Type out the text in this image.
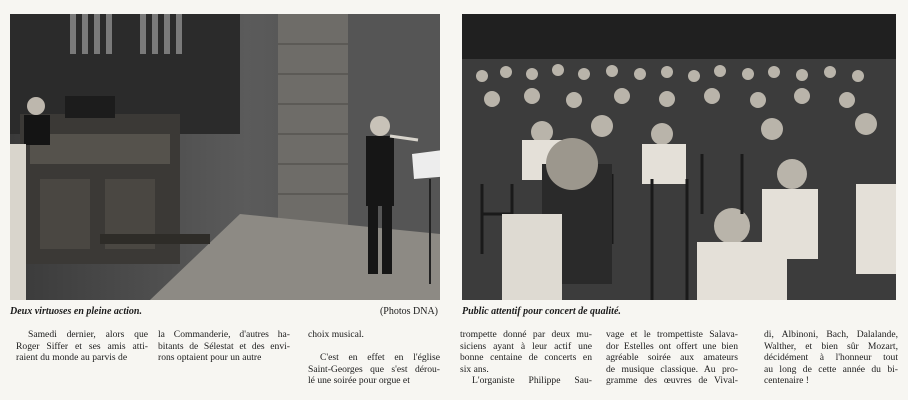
Deux virtuoses en pleine action.	(Photos DNA) Public attentif pour concert de qualité.
Samedi dernier, alors que
Roger Siffer et ses amis atti-
raient du monde au parvis de
la Commanderie, d'autres ha-
bitants de Sélestat et des envi-
rons optaient pour un autre
choix musical.
C'est en effet en l'église
Saint-Georges que s'est dérou-
lé une soirée pour orgue et
trompette donné par deux mu-
siciens ayant à leur actif une
bonne centaine de concerts en
six ans.
L'organiste Philippe Sau-
vage et le trompettiste Salava-
dor Estelles ont offert une bien
agréable soirée aux amateurs
de musique classique. Au pro-
gramme des œuvres de Vival-
di, Albinoni, Bach, Dalalande,
Walther, et bien sûr Mozart,
décidément à l'honneur tout
au long de cette année du bi-
centenaire !
